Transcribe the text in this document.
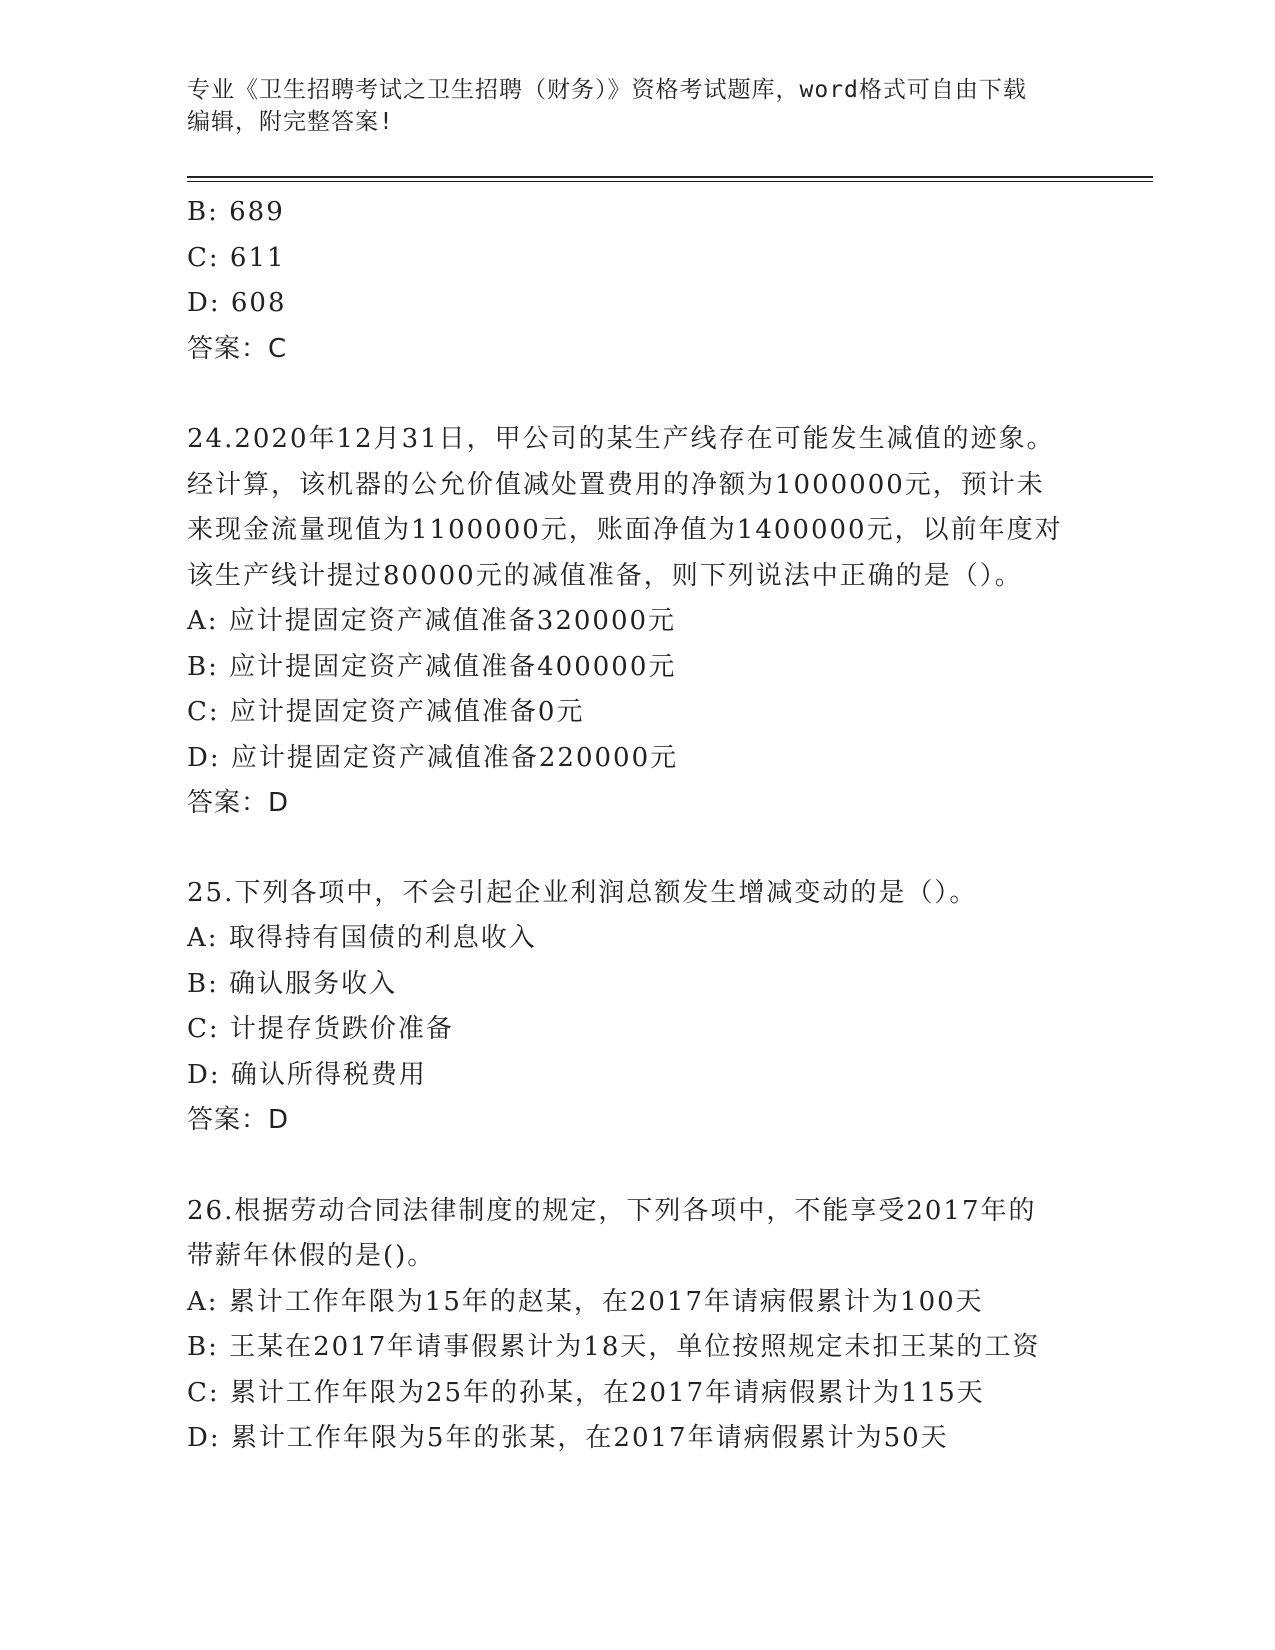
专业《卫生招聘考试之卫生招聘（财务）》资格考试题库，word格式可自由下载
编辑，附完整答案!
B: 689
C: 611
D: 608
答案：C
24.2020年12月31日，甲公司的某生产线存在可能发生减值的迹象。
经计算，该机器的公允价值减处置费用的净额为1000000元，预计未
来现金流量现值为1100000元，账面净值为1400000元，以前年度对
该生产线计提过80000元的减值准备，则下列说法中正确的是（）。
A: 应计提固定资产减值准备320000元
B: 应计提固定资产减值准备400000元
C: 应计提固定资产减值准备0元
D: 应计提固定资产减值准备220000元
答案：D
25.下列各项中，不会引起企业利润总额发生增减变动的是（）。
A: 取得持有国债的利息收入
B: 确认服务收入
C: 计提存货跌价准备
D: 确认所得税费用
答案：D
26.根据劳动合同法律制度的规定，下列各项中，不能享受2017年的
带薪年休假的是()。
A: 累计工作年限为15年的赵某，在2017年请病假累计为100天
B: 王某在2017年请事假累计为18天，单位按照规定未扣王某的工资
C: 累计工作年限为25年的孙某，在2017年请病假累计为115天
D: 累计工作年限为5年的张某，在2017年请病假累计为50天
